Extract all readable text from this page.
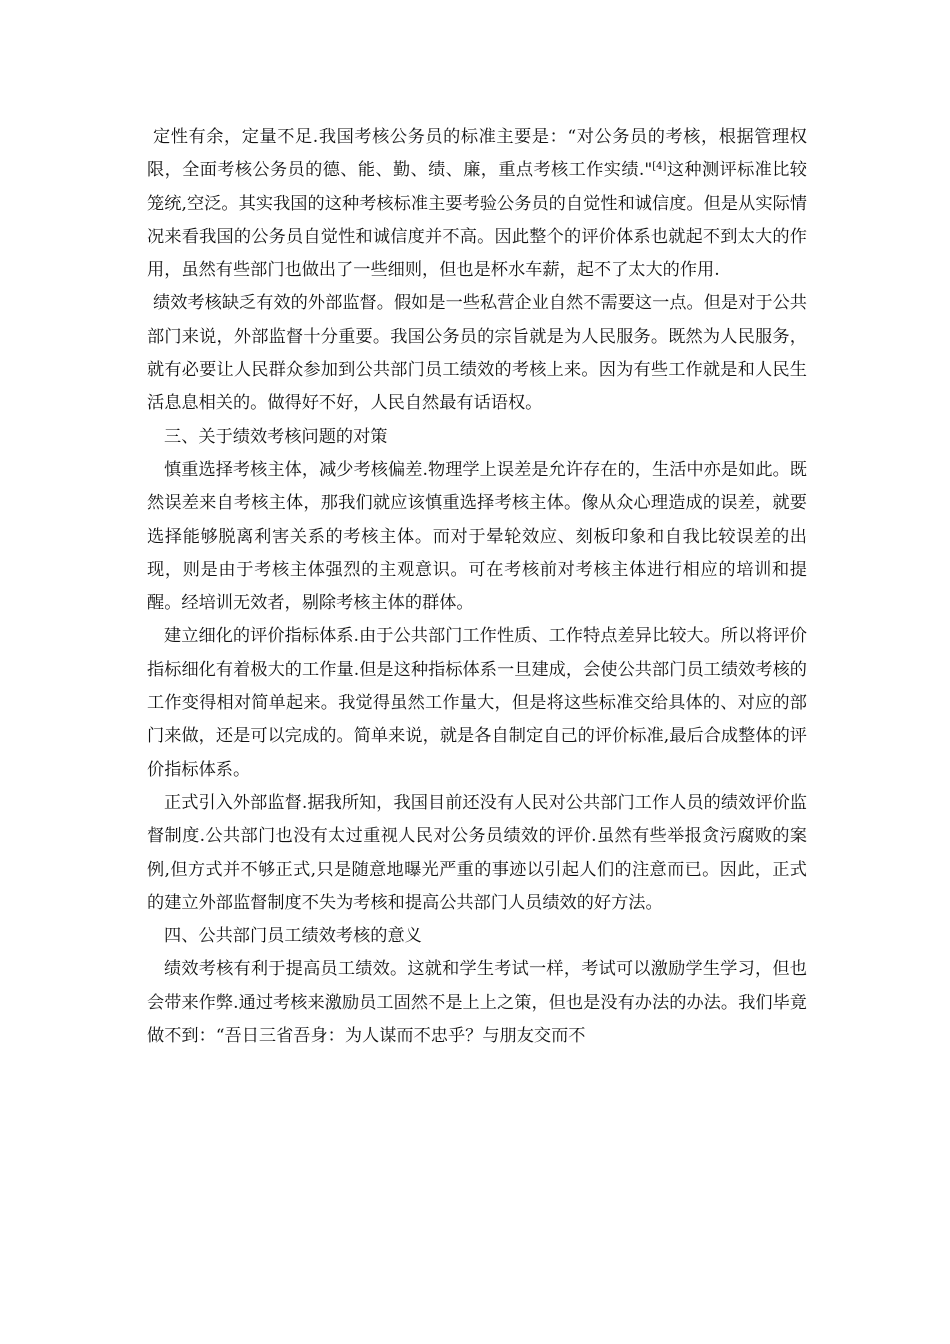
定性有余，定量不足.我国考核公务员的标准主要是：“对公务员的考核，根据管理权限，全面考核公务员的德、能、勤、绩、廉，重点考核工作实绩."[4]这种测评标准比较笼统,空泛。其实我国的这种考核标准主要考验公务员的自觉性和诚信度。但是从实际情况来看我国的公务员自觉性和诚信度并不高。因此整个的评价体系也就起不到太大的作用，虽然有些部门也做出了一些细则，但也是杯水车薪，起不了太大的作用.

绩效考核缺乏有效的外部监督。假如是一些私营企业自然不需要这一点。但是对于公共部门来说，外部监督十分重要。我国公务员的宗旨就是为人民服务。既然为人民服务，就有必要让人民群众参加到公共部门员工绩效的考核上来。因为有些工作就是和人民生活息息相关的。做得好不好，人民自然最有话语权。

三、关于绩效考核问题的对策

慎重选择考核主体，减少考核偏差.物理学上误差是允许存在的，生活中亦是如此。既然误差来自考核主体，那我们就应该慎重选择考核主体。像从众心理造成的误差，就要选择能够脱离利害关系的考核主体。而对于晕轮效应、刻板印象和自我比较误差的出现，则是由于考核主体强烈的主观意识。可在考核前对考核主体进行相应的培训和提醒。经培训无效者，剔除考核主体的群体。

建立细化的评价指标体系.由于公共部门工作性质、工作特点差异比较大。所以将评价指标细化有着极大的工作量.但是这种指标体系一旦建成，会使公共部门员工绩效考核的工作变得相对简单起来。我觉得虽然工作量大，但是将这些标准交给具体的、对应的部门来做，还是可以完成的。简单来说，就是各自制定自己的评价标准,最后合成整体的评价指标体系。

正式引入外部监督.据我所知，我国目前还没有人民对公共部门工作人员的绩效评价监督制度.公共部门也没有太过重视人民对公务员绩效的评价.虽然有些举报贪污腐败的案例,但方式并不够正式,只是随意地曝光严重的事迹以引起人们的注意而已。因此，正式的建立外部监督制度不失为考核和提高公共部门人员绩效的好方法。

四、公共部门员工绩效考核的意义

绩效考核有利于提高员工绩效。这就和学生考试一样，考试可以激励学生学习，但也会带来作弊.通过考核来激励员工固然不是上上之策，但也是没有办法的办法。我们毕竟做不到：“吾日三省吾身：为人谋而不忠乎？与朋友交而不
